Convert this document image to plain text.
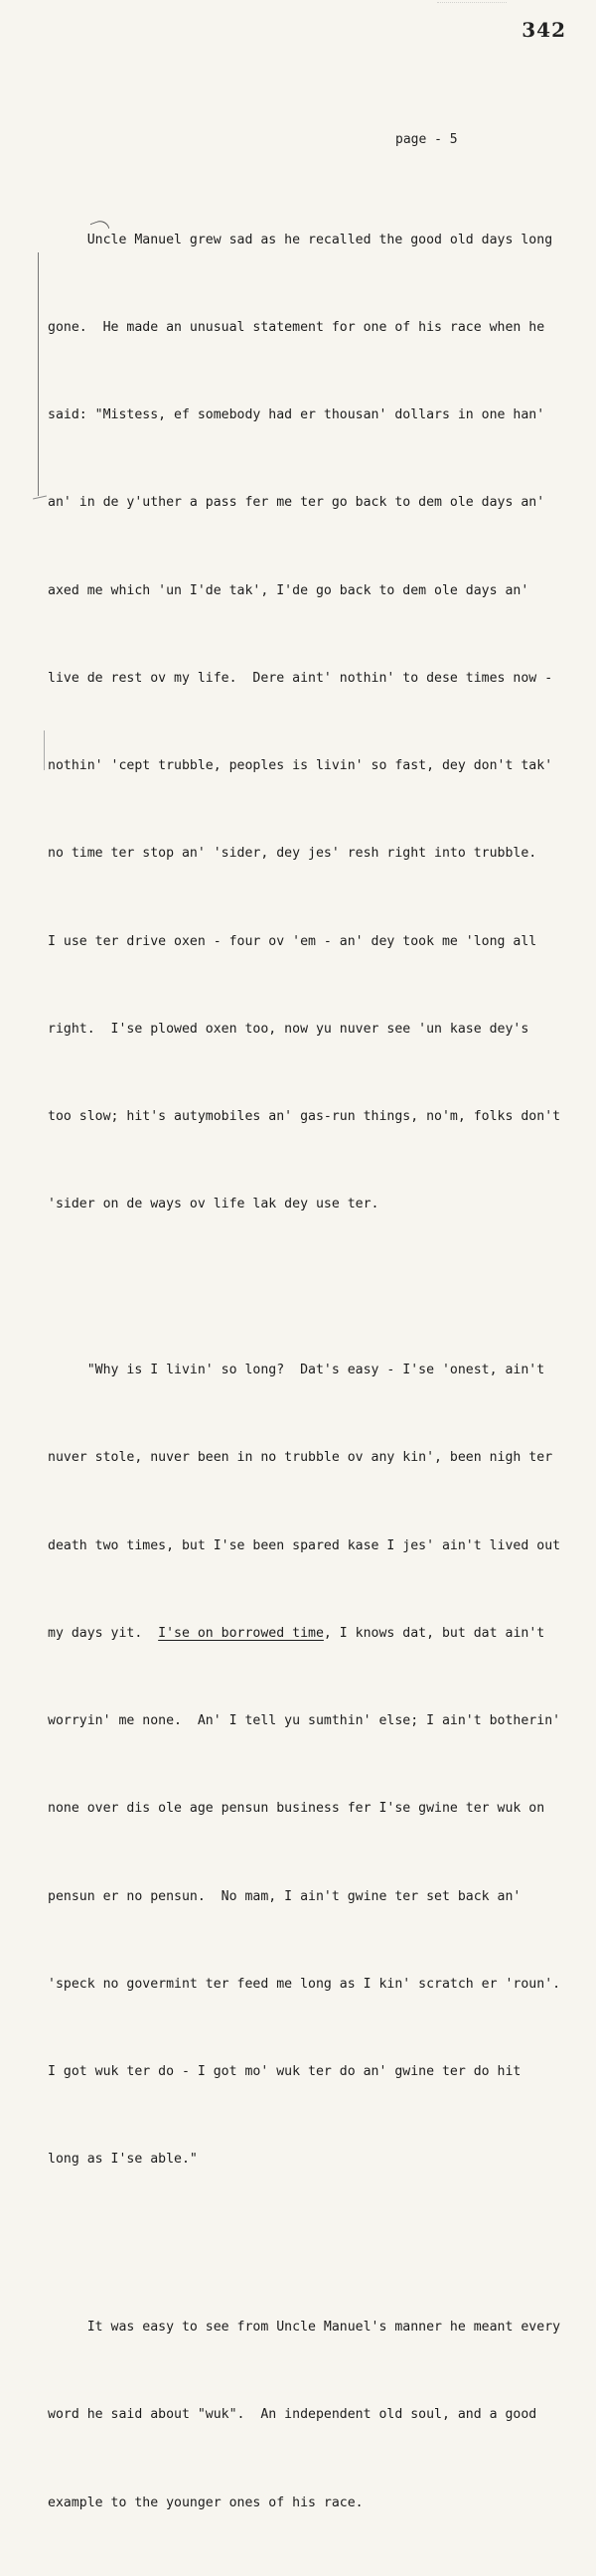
342
page - 5

Uncle Manuel grew sad as he recalled the good old days long

gone.  He made an unusual statement for one of his race when he

said: "Mistess, ef somebody had er thousan' dollars in one han'

an' in de y'uther a pass fer me ter go back to dem ole days an'

axed me which 'un I'de tak', I'de go back to dem ole days an'

live de rest ov my life.  Dere aint' nothin' to dese times now -

nothin' 'cept trubble, peoples is livin' so fast, dey don't tak'

no time ter stop an' 'sider, dey jes' resh right into trubble.

I use ter drive oxen - four ov 'em - an' dey took me 'long all

right.  I'se plowed oxen too, now yu nuver see 'un kase dey's

too slow; hit's autymobiles an' gas-run things, no'm, folks don't

'sider on de ways ov life lak dey use ter.

"Why is I livin' so long?  Dat's easy - I'se 'onest, ain't

nuver stole, nuver been in no trubble ov any kin', been nigh ter

death two times, but I'se been spared kase I jes' ain't lived out

my days yit.  I'se on borrowed time, I knows dat, but dat ain't

worryin' me none.  An' I tell yu sumthin' else; I ain't botherin'

none over dis ole age pensun business fer I'se gwine ter wuk on

pensun er no pensun.  No mam, I ain't gwine ter set back an'

'speck no govermint ter feed me long as I kin' scratch er 'roun'.

I got wuk ter do - I got mo' wuk ter do an' gwine ter do hit

long as I'se able."

It was easy to see from Uncle Manuel's manner he meant every

word he said about "wuk".  An independent old soul, and a good

example to the younger ones of his race.
